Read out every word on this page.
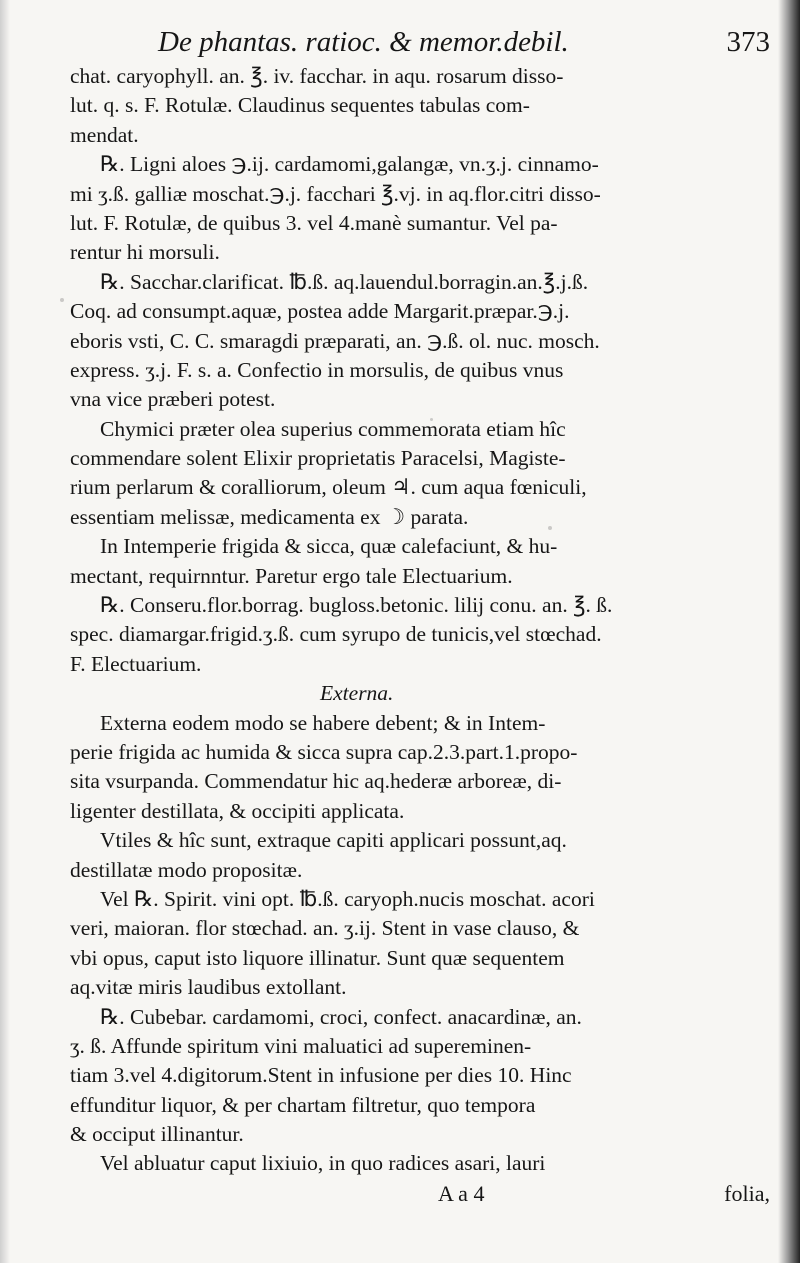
De phantas. ratioc. & memor.debil.	373
chat. caryophyll. an. ℥. iv. facchar. in aqu. rosarum disso-
lut. q. s. F. Rotulæ. Claudinus sequentes tabulas com-
mendat.
℞. Ligni aloes ℈.ij. cardamomi,galangæ, vn.ʒ.j. cinnamo-
mi ʒ.ß. galliæ moschat.℈.j. facchari ℥.vj. in aq.flor.citri disso-
lut. F. Rotulæ, de quibus 3. vel 4.manè sumantur. Vel pa-
rentur hi morsuli.
℞. Sacchar.clarificat. ℔.ß. aq.lauendul.borragin.an.℥.j.ß.
Coq. ad consumpt.aquæ, postea adde Margarit.præpar.℈.j.
eboris vsti, C. C. smaragdi præparati, an. ℈.ß. ol. nuc. mosch.
express. ʒ.j. F. s. a. Confectio in morsulis, de quibus vnus
vna vice præberi potest.
Chymici præter olea superius commemorata etiam hîc
commendare solent Elixir proprietatis Paracelsi, Magiste-
rium perlarum & coralliorum, oleum ♃. cum aqua fœniculi,
essentiam melissæ, medicamenta ex ☽ parata.
In Intemperie frigida & sicca, quæ calefaciunt, & hu-
mectant, requirnntur. Paretur ergo tale Electuarium.
℞. Conseru.flor.borrag. bugloss.betonic. lilij conu. an. ℥. ß.
spec. diamargar.frigid.ʒ.ß. cum syrupo de tunicis,vel stœchad.
F. Electuarium.
Externa.
Externa eodem modo se habere debent; & in Intem-
perie frigida ac humida & sicca supra cap.2.3.part.1.propo-
sita vsurpanda. Commendatur hic aq.hederæ arboreæ, di-
ligenter destillata, & occipiti applicata.
Vtiles & hîc sunt, extraque capiti applicari possunt,aq.
destillatæ modo propositæ.
Vel ℞. Spirit. vini opt. ℔.ß. caryoph.nucis moschat. acori
veri, maioran. flor stœchad. an. ʒ.ij. Stent in vase clauso, &
vbi opus, caput isto liquore illinatur. Sunt quæ sequentem
aq.vitæ miris laudibus extollant.
℞. Cubebar. cardamomi, croci, confect. anacardinæ, an.
ʒ. ß. Affunde spiritum vini maluatici ad supereminen-
tiam 3.vel 4.digitorum.Stent in infusione per dies 10. Hinc
effunditur liquor, & per chartam filtretur, quo tempora
& occiput illinantur.
Vel abluatur caput lixiuio, in quo radices asari, lauri
A a 4	folia,
